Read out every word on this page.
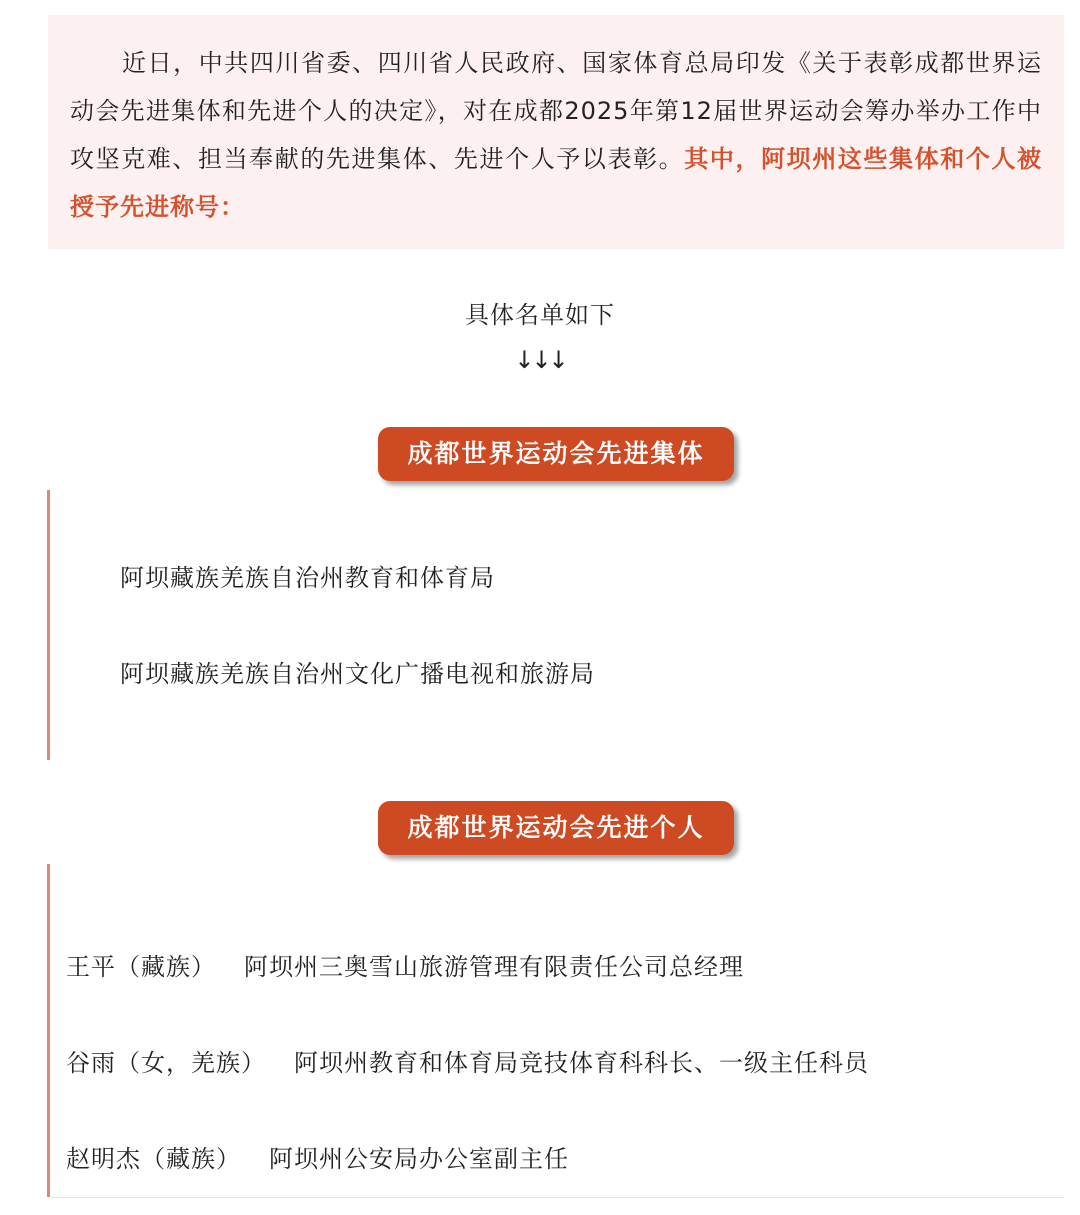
近日，中共四川省委、四川省人民政府、国家体育总局印发《关于表彰成都世界运动会先进集体和先进个人的决定》，对在成都2025年第12届世界运动会筹办举办工作中攻坚克难、担当奉献的先进集体、先进个人予以表彰。其中，阿坝州这些集体和个人被授予先进称号：

具体名单如下
↓↓↓
成都世界运动会先进集体
阿坝藏族羌族自治州教育和体育局
阿坝藏族羌族自治州文化广播电视和旅游局
成都世界运动会先进个人
王平（藏族） 阿坝州三奥雪山旅游管理有限责任公司总经理
谷雨（女，羌族） 阿坝州教育和体育局竞技体育科科长、一级主任科员
赵明杰（藏族） 阿坝州公安局办公室副主任
